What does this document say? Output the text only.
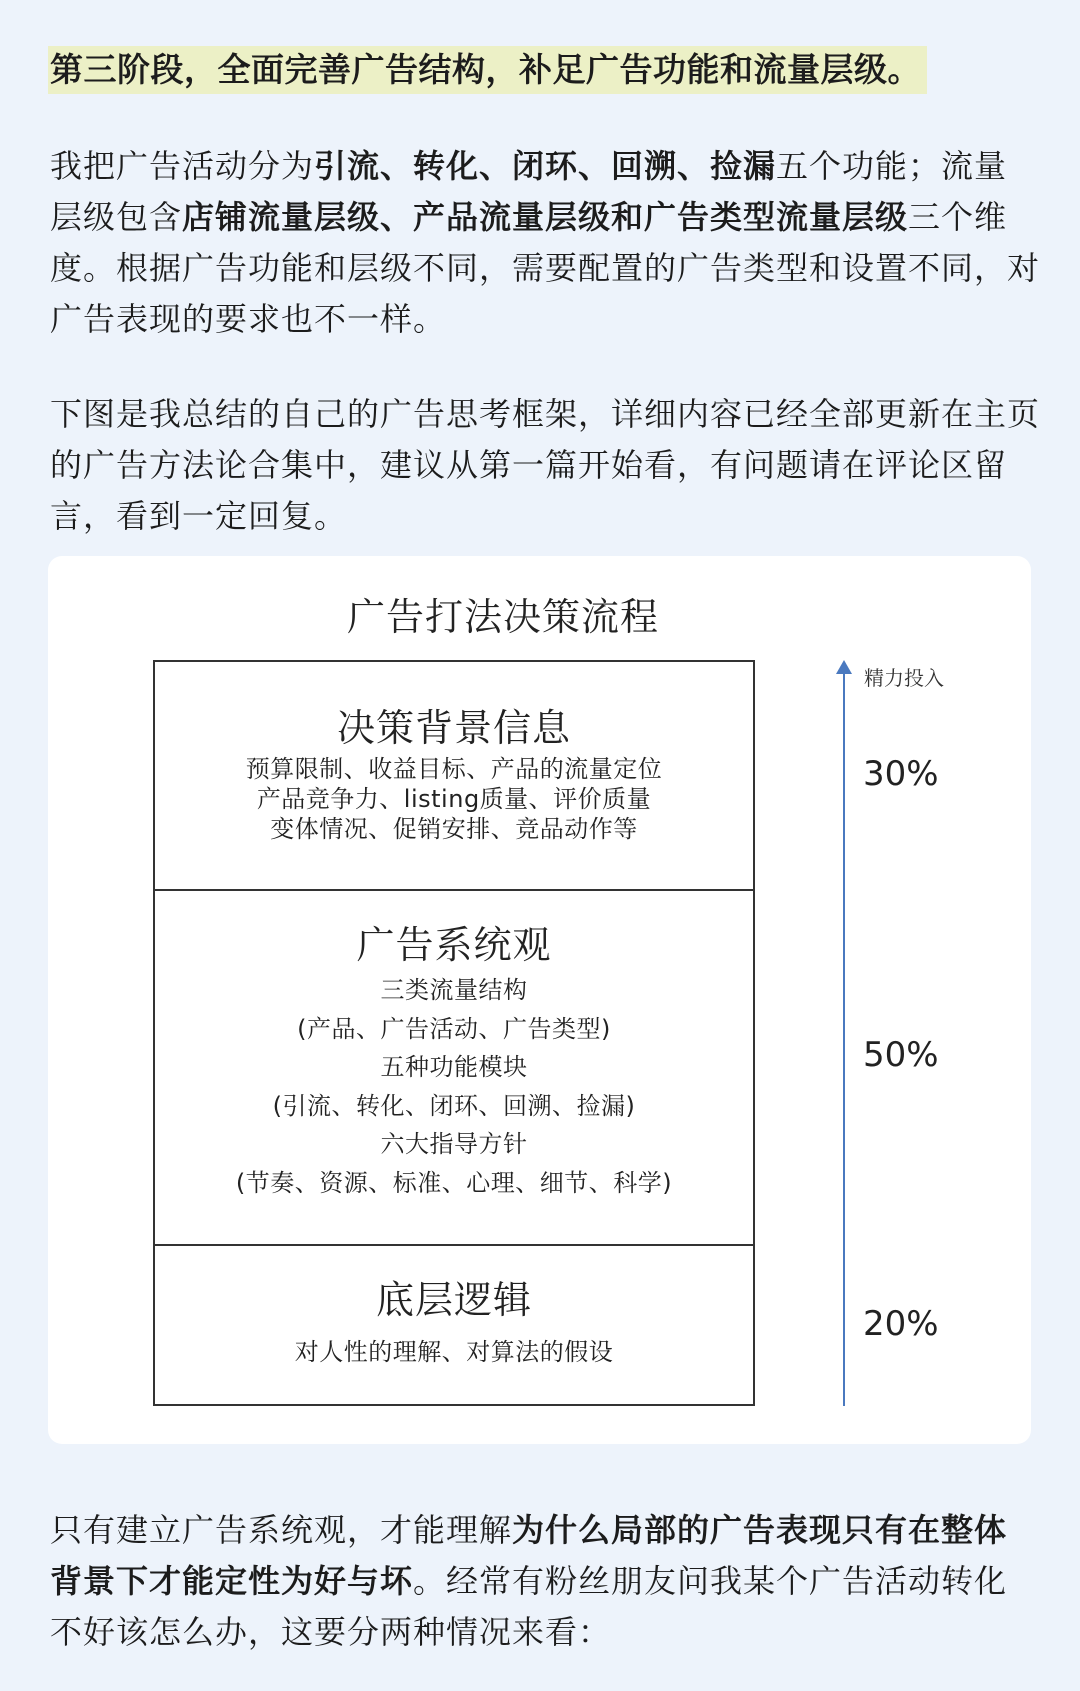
第三阶段，全面完善广告结构，补足广告功能和流量层级。

我把广告活动分为引流、转化、闭环、回溯、捡漏五个功能；流量层级包含店铺流量层级、产品流量层级和广告类型流量层级三个维度。根据广告功能和层级不同，需要配置的广告类型和设置不同，对广告表现的要求也不一样。

下图是我总结的自己的广告思考框架，详细内容已经全部更新在主页的广告方法论合集中，建议从第一篇开始看，有问题请在评论区留言，看到一定回复。

广告打法决策流程
决策背景信息
预算限制、收益目标、产品的流量定位
产品竞争力、listing质量、评价质量
变体情况、促销安排、竞品动作等
广告系统观
三类流量结构
(产品、广告活动、广告类型)
五种功能模块
(引流、转化、闭环、回溯、捡漏)
六大指导方针
(节奏、资源、标准、心理、细节、科学)
底层逻辑
对人性的理解、对算法的假设
精力投入
30%
50%
20%

只有建立广告系统观，才能理解为什么局部的广告表现只有在整体背景下才能定性为好与坏。经常有粉丝朋友问我某个广告活动转化不好该怎么办，这要分两种情况来看：
